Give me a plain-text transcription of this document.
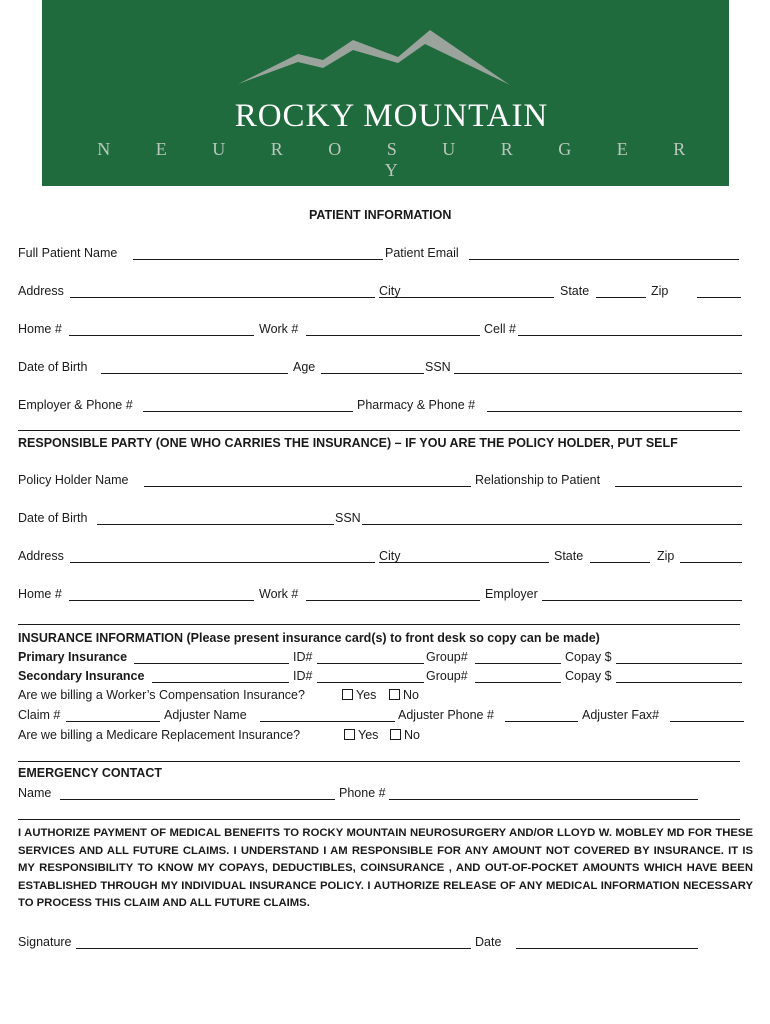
ROCKY MOUNTAIN
N E U R O S U R G E R Y
PATIENT INFORMATION
Full Patient Name	Patient Email
Address	City	State	Zip
Home #	Work #	Cell #
Date of Birth	Age	SSN
Employer & Phone #	Pharmacy & Phone #
RESPONSIBLE PARTY (ONE WHO CARRIES THE INSURANCE) – IF YOU ARE THE POLICY HOLDER, PUT SELF
Policy Holder Name	Relationship to Patient
Date of Birth	SSN
Address	City	State	Zip
Home #	Work #	Employer
INSURANCE INFORMATION (Please present insurance card(s) to front desk so copy can be made)
Primary Insurance	ID#	Group#	Copay $
Secondary Insurance	ID#	Group#	Copay $
Are we billing a Worker’s Compensation Insurance?	Yes	No
Claim #	Adjuster Name	Adjuster Phone #	Adjuster Fax#
Are we billing a Medicare Replacement Insurance?	Yes	No
EMERGENCY CONTACT
Name	Phone #
I AUTHORIZE PAYMENT OF MEDICAL BENEFITS TO ROCKY MOUNTAIN NEUROSURGERY AND/OR LLOYD W. MOBLEY MD FOR THESE SERVICES AND ALL FUTURE CLAIMS. I UNDERSTAND I AM RESPONSIBLE FOR ANY AMOUNT NOT COVERED BY INSURANCE. IT IS MY RESPONSIBILITY TO KNOW MY COPAYS, DEDUCTIBLES, COINSURANCE , AND OUT-OF-POCKET AMOUNTS WHICH HAVE BEEN ESTABLISHED THROUGH MY INDIVIDUAL INSURANCE POLICY. I AUTHORIZE RELEASE OF ANY MEDICAL INFORMATION NECESSARY TO PROCESS THIS CLAIM AND ALL FUTURE CLAIMS.
Signature	Date
